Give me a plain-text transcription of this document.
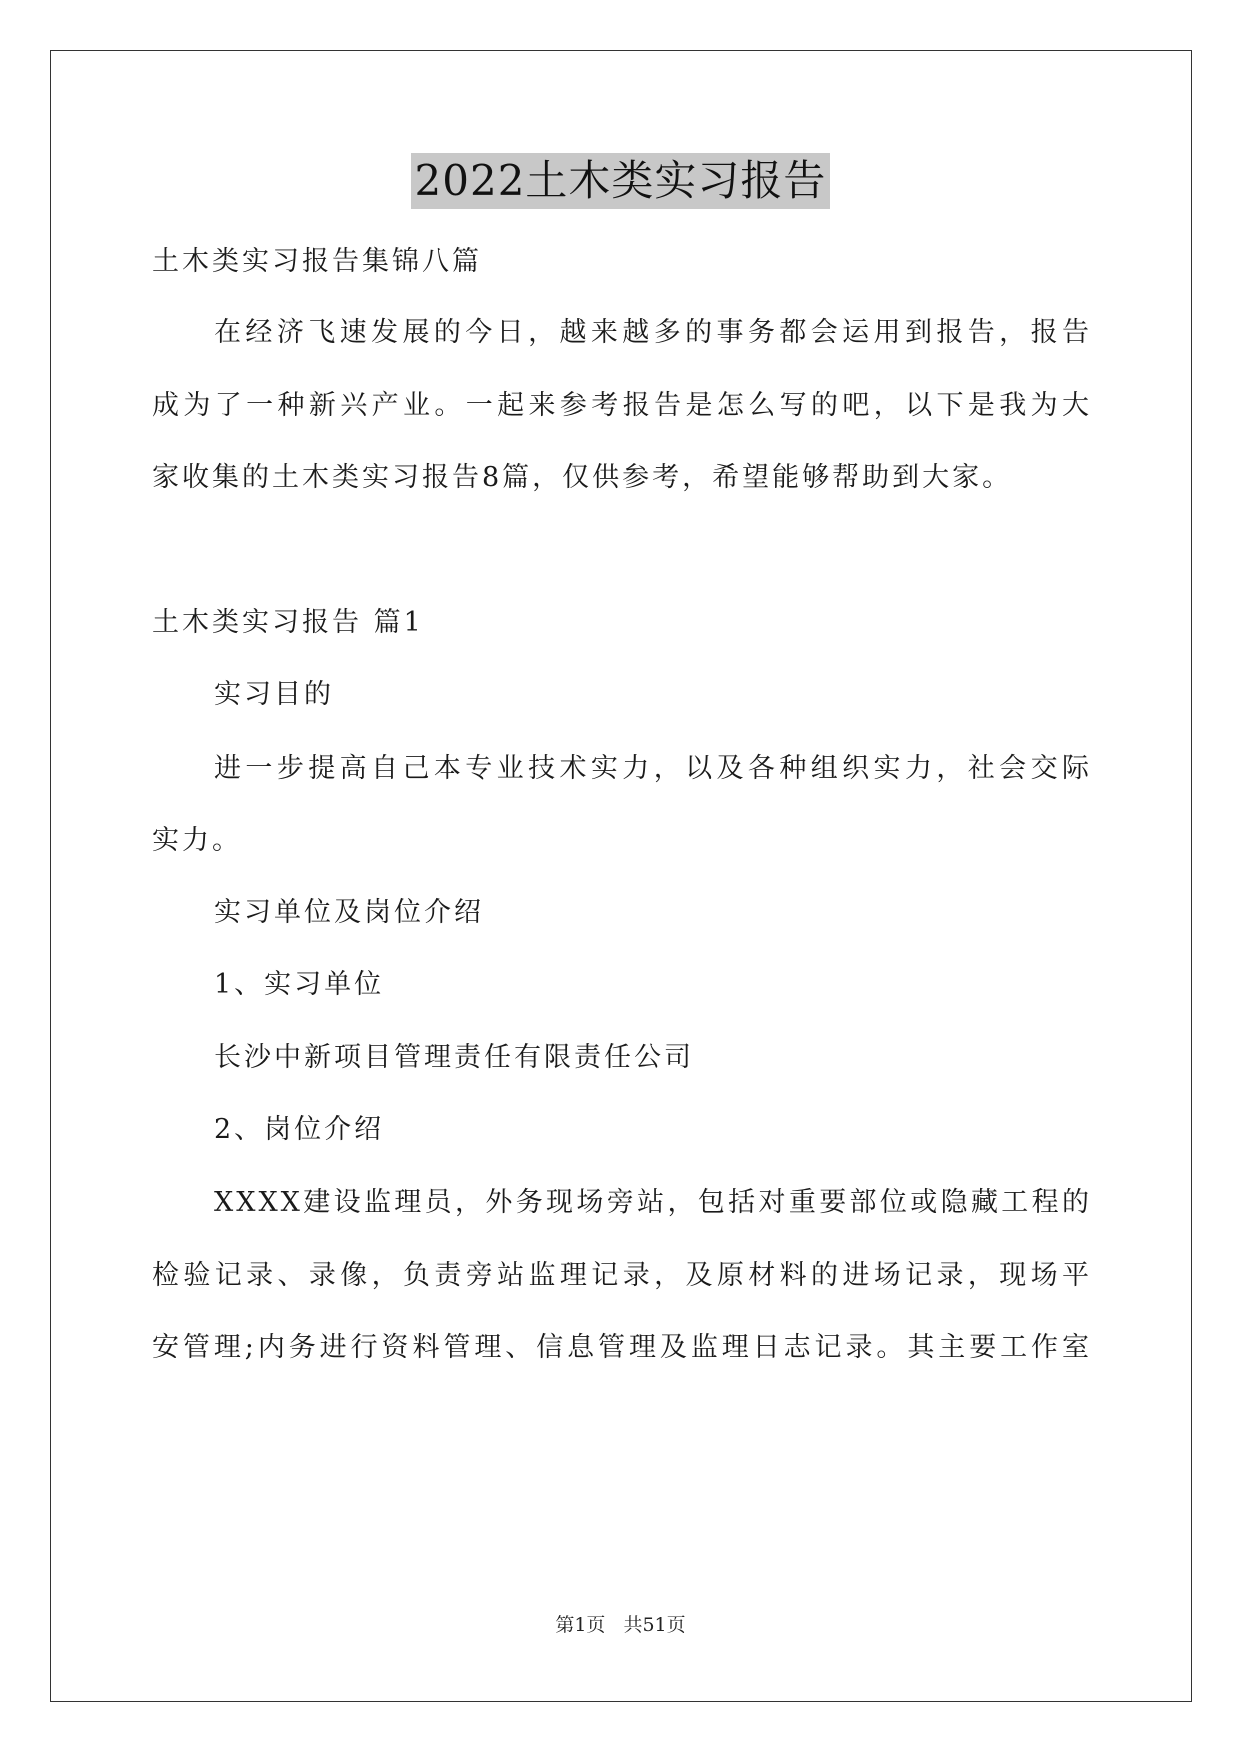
2022土木类实习报告
土木类实习报告集锦八篇
在经济飞速发展的今日，越来越多的事务都会运用到报告，报告
成为了一种新兴产业。一起来参考报告是怎么写的吧，以下是我为大
家收集的土木类实习报告8篇，仅供参考，希望能够帮助到大家。
土木类实习报告 篇1
实习目的
进一步提高自己本专业技术实力，以及各种组织实力，社会交际
实力。
实习单位及岗位介绍
1、实习单位
长沙中新项目管理责任有限责任公司
2、岗位介绍
XXXX建设监理员，外务现场旁站，包括对重要部位或隐藏工程的
检验记录、录像，负责旁站监理记录，及原材料的进场记录，现场平
安管理;内务进行资料管理、信息管理及监理日志记录。其主要工作室
第1页 共51页
